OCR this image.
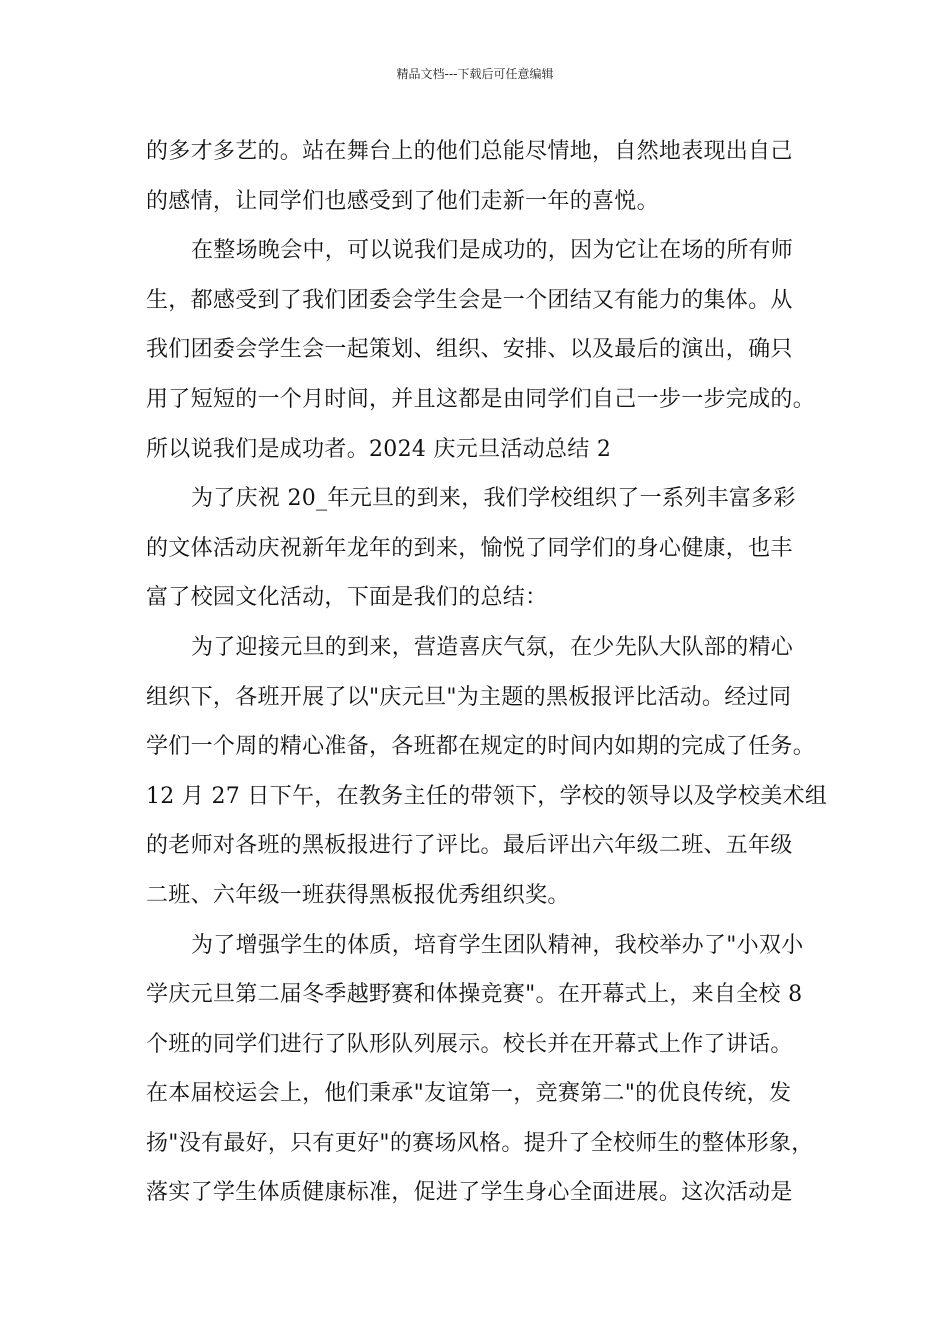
精品文档---下载后可任意编辑
的多才多艺的。站在舞台上的他们总能尽情地，自然地表现出自己
的感情，让同学们也感受到了他们走新一年的喜悦。
在整场晚会中，可以说我们是成功的，因为它让在场的所有师
生，都感受到了我们团委会学生会是一个团结又有能力的集体。从
我们团委会学生会一起策划、组织、安排、以及最后的演出，确只
用了短短的一个月时间，并且这都是由同学们自己一步一步完成的。
所以说我们是成功者。2024 庆元旦活动总结 2
为了庆祝 20_年元旦的到来，我们学校组织了一系列丰富多彩
的文体活动庆祝新年龙年的到来，愉悦了同学们的身心健康，也丰
富了校园文化活动，下面是我们的总结：
为了迎接元旦的到来，营造喜庆气氛，在少先队大队部的精心
组织下，各班开展了以"庆元旦"为主题的黑板报评比活动。经过同
学们一个周的精心准备，各班都在规定的时间内如期的完成了任务。
12 月 27 日下午，在教务主任的带领下，学校的领导以及学校美术组
的老师对各班的黑板报进行了评比。最后评出六年级二班、五年级
二班、六年级一班获得黑板报优秀组织奖。
为了增强学生的体质，培育学生团队精神，我校举办了"小双小
学庆元旦第二届冬季越野赛和体操竞赛"。在开幕式上，来自全校 8
个班的同学们进行了队形队列展示。校长并在开幕式上作了讲话。
在本届校运会上，他们秉承"友谊第一，竞赛第二"的优良传统，发
扬"没有最好，只有更好"的赛场风格。提升了全校师生的整体形象，
落实了学生体质健康标准，促进了学生身心全面进展。这次活动是
